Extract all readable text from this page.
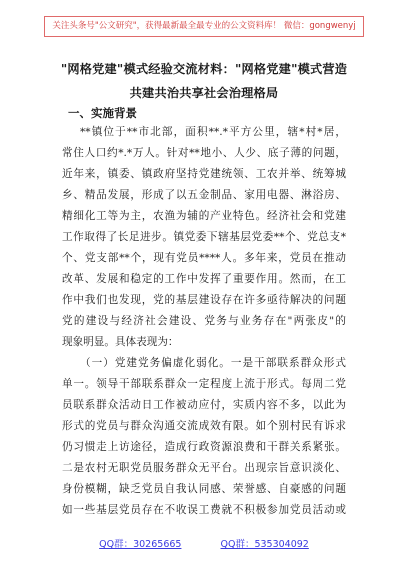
关注头条号"公文研究"，获得最新最全最专业的公文资料库！ 微信：gongwenyj
"网格党建"模式经验交流材料："网格党建"模式营造
共建共治共享社会治理格局
一、实施背景
**镇位于**市北部，面积**.*平方公里，辖*村*居，
常住人口约*.*万人。针对**地小、人少、底子薄的问题，
近年来，镇委、镇政府坚持党建统领、工农并举、统筹城
乡、精品发展，形成了以五金制品、家用电器、淋浴房、
精细化工等为主，农渔为辅的产业特色。经济社会和党建
工作取得了长足进步。镇党委下辖基层党委**个、党总支*
个、党支部**个，现有党员****人。多年来，党员在推动
改革、发展和稳定的工作中发挥了重要作用。然而，在工
作中我们也发现，党的基层建设存在许多亟待解决的问题
党的建设与经济社会建设、党务与业务存在"两张皮"的
现象明显。具体表现为：
（一）党建党务偏虚化弱化。一是干部联系群众形式
单一。领导干部联系群众一定程度上流于形式。每周二党
员联系群众活动日工作被动应付，实质内容不多，以此为
形式的党员与群众沟通交流成效有限。如个别村民有诉求
仍习惯走上访途径，造成行政资源浪费和干群关系紧张。
二是农村无职党员服务群众无平台。出现宗旨意识淡化、
身份模糊，缺乏党员自我认同感、荣誉感、自豪感的问题
如一些基层党员存在不收误工费就不积极参加党员活动或
QQ群：30265665	QQ群：535304092
